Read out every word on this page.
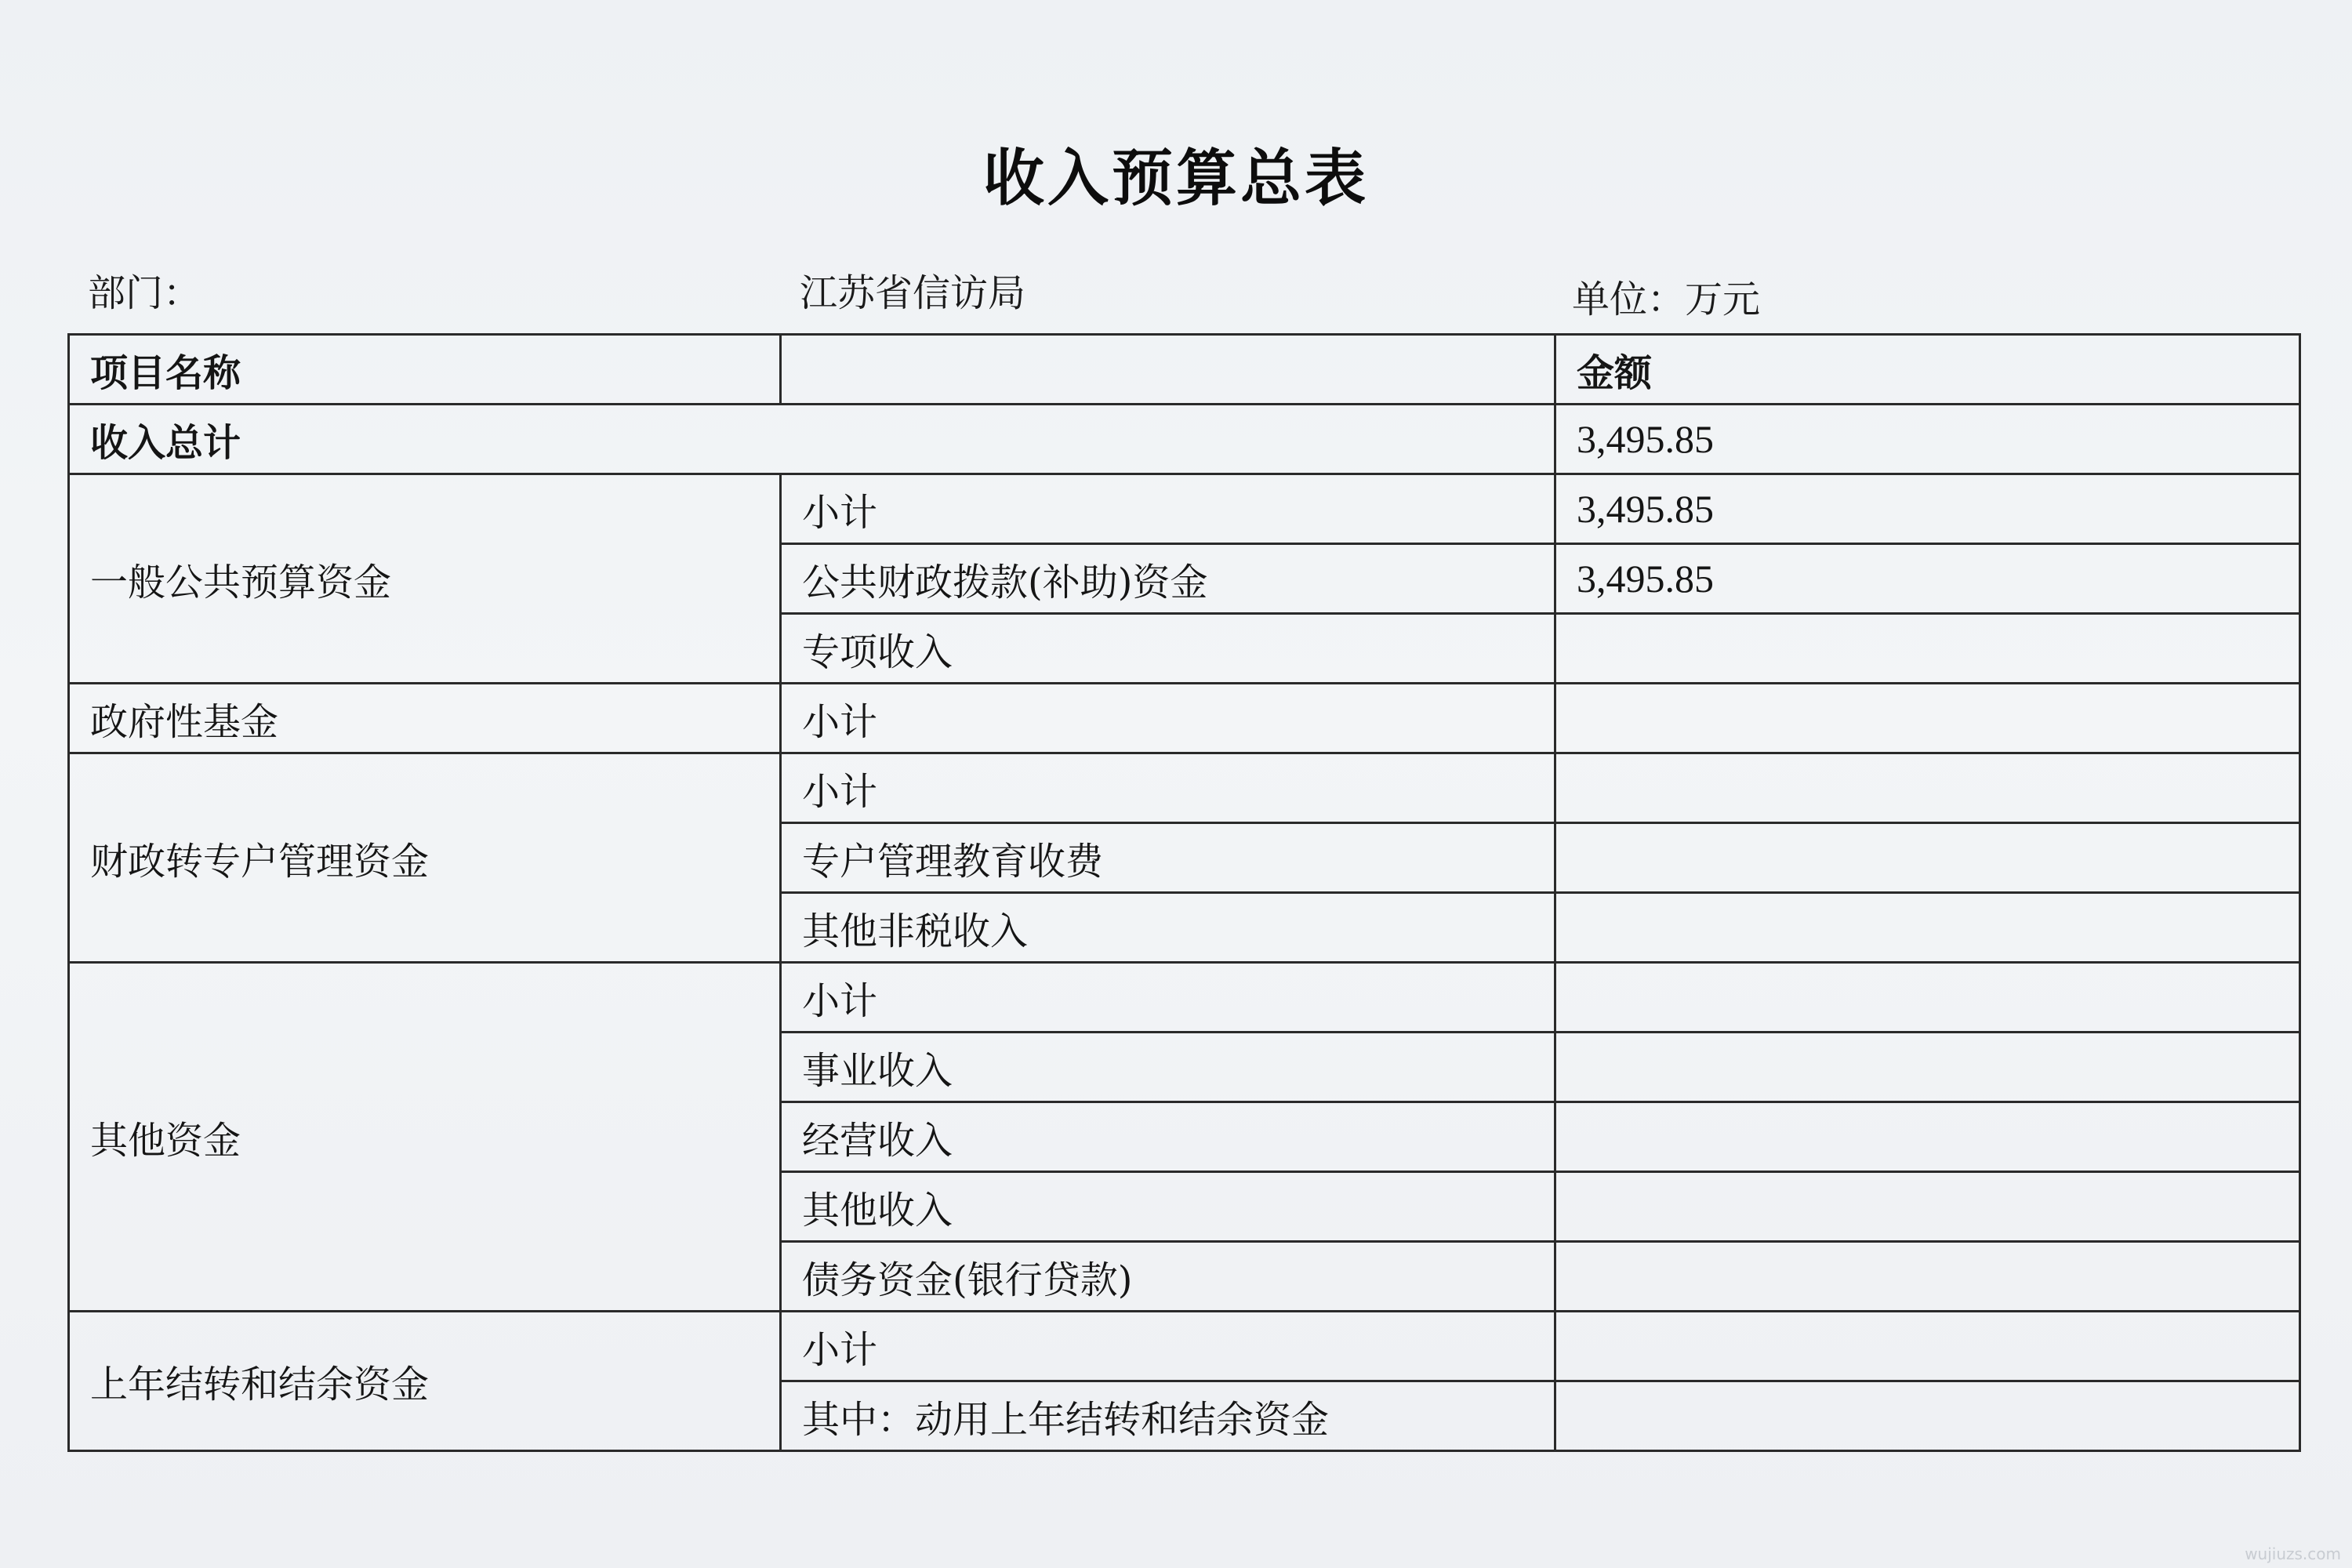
收入预算总表
部门：	江苏省信访局	单位：万元
项目名称		金额
收入总计		3,495.85
一般公共预算资金	小计	3,495.85
	公共财政拨款(补助)资金	3,495.85
	专项收入	
政府性基金	小计	
财政转专户管理资金	小计	
	专户管理教育收费	
	其他非税收入	
其他资金	小计	
	事业收入	
	经营收入	
	其他收入	
	债务资金(银行贷款)	
上年结转和结余资金	小计	
	其中：动用上年结转和结余资金	
wujiuzs.com
